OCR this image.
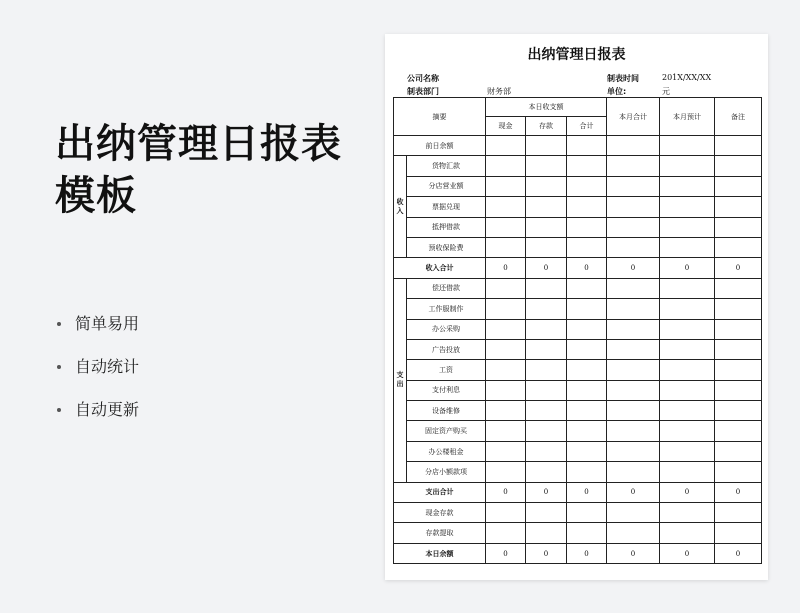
出纳管理日报表
模板
简单易用
自动统计
自动更新
出纳管理日报表
公司名称
制表部门	财务部
制表时间	201X/XX/XX
单位:	元
摘要		本日收支额			本月合计	本月预计	备注
		现金	存款	合计			
前日余额							
收
入	货物汇款						
	分店营业额						
	票据兑现						
	抵押借款						
	预收保险费						
收入合计		0	0	0	0	0	0
支
出	偿还借款						
	工作服制作						
	办公采购						
	广告投放						
	工资						
	支付利息						
	设备维修						
	固定资产购买						
	办公楼租金						
	分店小额款项						
支出合计		0	0	0	0	0	0
现金存款							
存款提取							
本日余额		0	0	0	0	0	0
